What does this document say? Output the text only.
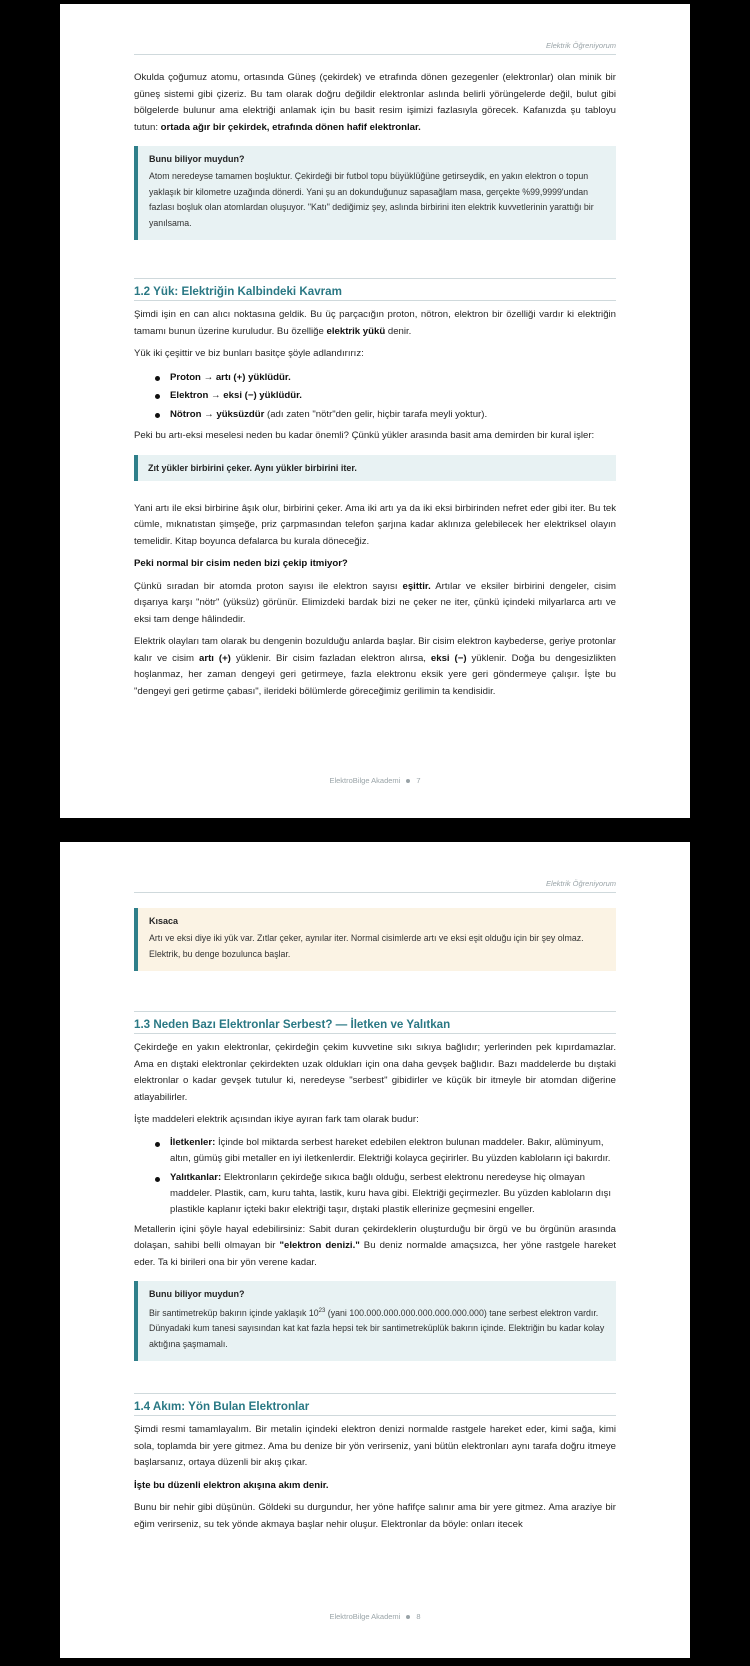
Elektrik Öğreniyorum

Okulda çoğumuz atomu, ortasında Güneş (çekirdek) ve etrafında dönen gezegenler (elektronlar) olan minik bir güneş sistemi gibi çizeriz. Bu tam olarak doğru değildir elektronlar aslında belirli yörüngelerde değil, bulut gibi bölgelerde bulunur ama elektriği anlamak için bu basit resim işimizi fazlasıyla görecek. Kafanızda şu tabloyu tutun: ortada ağır bir çekirdek, etrafında dönen hafif elektronlar.

Bunu biliyor muydun?
Atom neredeyse tamamen boşluktur. Çekirdeği bir futbol topu büyüklüğüne getirseydik, en yakın elektron o topun yaklaşık bir kilometre uzağında dönerdi. Yani şu an dokunduğunuz sapasağlam masa, gerçekte %99,9999'undan fazlası boşluk olan atomlardan oluşuyor. "Katı" dediğimiz şey, aslında birbirini iten elektrik kuvvetlerinin yarattığı bir yanılsama.
1.2 Yük: Elektriğin Kalbindeki Kavram

Şimdi işin en can alıcı noktasına geldik. Bu üç parçacığın proton, nötron, elektron bir özelliği vardır ki elektriğin tamamı bunun üzerine kuruludur. Bu özelliğe elektrik yükü denir.

Yük iki çeşittir ve biz bunları basitçe şöyle adlandırırız:

Proton → artı (+) yüklüdür.
Elektron → eksi (−) yüklüdür.
Nötron → yüksüzdür (adı zaten "nötr"den gelir, hiçbir tarafa meyli yoktur).

Peki bu artı-eksi meselesi neden bu kadar önemli? Çünkü yükler arasında basit ama demirden bir kural işler:

Zıt yükler birbirini çeker. Aynı yükler birbirini iter.

Yani artı ile eksi birbirine âşık olur, birbirini çeker. Ama iki artı ya da iki eksi birbirinden nefret eder gibi iter. Bu tek cümle, mıknatıstan şimşeğe, priz çarpmasından telefon şarjına kadar aklınıza gelebilecek her elektriksel olayın temelidir. Kitap boyunca defalarca bu kurala döneceğiz.

Peki normal bir cisim neden bizi çekip itmiyor?

Çünkü sıradan bir atomda proton sayısı ile elektron sayısı eşittir. Artılar ve eksiler birbirini dengeler, cisim dışarıya karşı "nötr" (yüksüz) görünür. Elimizdeki bardak bizi ne çeker ne iter, çünkü içindeki milyarlarca artı ve eksi tam denge hâlindedir.

Elektrik olayları tam olarak bu dengenin bozulduğu anlarda başlar. Bir cisim elektron kaybederse, geriye protonlar kalır ve cisim artı (+) yüklenir. Bir cisim fazladan elektron alırsa, eksi (−) yüklenir. Doğa bu dengesizlikten hoşlanmaz, her zaman dengeyi geri getirmeye, fazla elektronu eksik yere geri göndermeye çalışır. İşte bu "dengeyi geri getirme çabası", ilerideki bölümlerde göreceğimiz gerilimin ta kendisidir.

ElektroBilge Akademi 7
Elektrik Öğreniyorum
Kısaca
Artı ve eksi diye iki yük var. Zıtlar çeker, aynılar iter. Normal cisimlerde artı ve eksi eşit olduğu için bir şey olmaz. Elektrik, bu denge bozulunca başlar.
1.3 Neden Bazı Elektronlar Serbest? — İletken ve Yalıtkan

Çekirdeğe en yakın elektronlar, çekirdeğin çekim kuvvetine sıkı sıkıya bağlıdır; yerlerinden pek kıpırdamazlar. Ama en dıştaki elektronlar çekirdekten uzak oldukları için ona daha gevşek bağlıdır. Bazı maddelerde bu dıştaki elektronlar o kadar gevşek tutulur ki, neredeyse "serbest" gibidirler ve küçük bir itmeyle bir atomdan diğerine atlayabilirler.

İşte maddeleri elektrik açısından ikiye ayıran fark tam olarak budur:

İletkenler: İçinde bol miktarda serbest hareket edebilen elektron bulunan maddeler. Bakır, alüminyum, altın, gümüş gibi metaller en iyi iletkenlerdir. Elektriği kolayca geçirirler. Bu yüzden kabloların içi bakırdır.
Yalıtkanlar: Elektronların çekirdeğe sıkıca bağlı olduğu, serbest elektronu neredeyse hiç olmayan maddeler. Plastik, cam, kuru tahta, lastik, kuru hava gibi. Elektriği geçirmezler. Bu yüzden kabloların dışı plastikle kaplanır içteki bakır elektriği taşır, dıştaki plastik ellerinize geçmesini engeller.

Metallerin içini şöyle hayal edebilirsiniz: Sabit duran çekirdeklerin oluşturduğu bir örgü ve bu örgünün arasında dolaşan, sahibi belli olmayan bir "elektron denizi." Bu deniz normalde amaçsızca, her yöne rastgele hareket eder. Ta ki birileri ona bir yön verene kadar.

Bunu biliyor muydun?
Bir santimetreküp bakırın içinde yaklaşık $10^{23}$ (yani 100.000.000.000.000.000.000.000) tane serbest elektron vardır. Dünyadaki kum tanesi sayısından kat kat fazla hepsi tek bir santimetreküplük bakırın içinde. Elektriğin bu kadar kolay aktığına şaşmamalı.
1.4 Akım: Yön Bulan Elektronlar

Şimdi resmi tamamlayalım. Bir metalin içindeki elektron denizi normalde rastgele hareket eder, kimi sağa, kimi sola, toplamda bir yere gitmez. Ama bu denize bir yön verirseniz, yani bütün elektronları aynı tarafa doğru itmeye başlarsanız, ortaya düzenli bir akış çıkar.

İşte bu düzenli elektron akışına akım denir.

Bunu bir nehir gibi düşünün. Göldeki su durgundur, her yöne hafifçe salınır ama bir yere gitmez. Ama araziye bir eğim verirseniz, su tek yönde akmaya başlar nehir oluşur. Elektronlar da böyle: onları itecek

ElektroBilge Akademi 8
